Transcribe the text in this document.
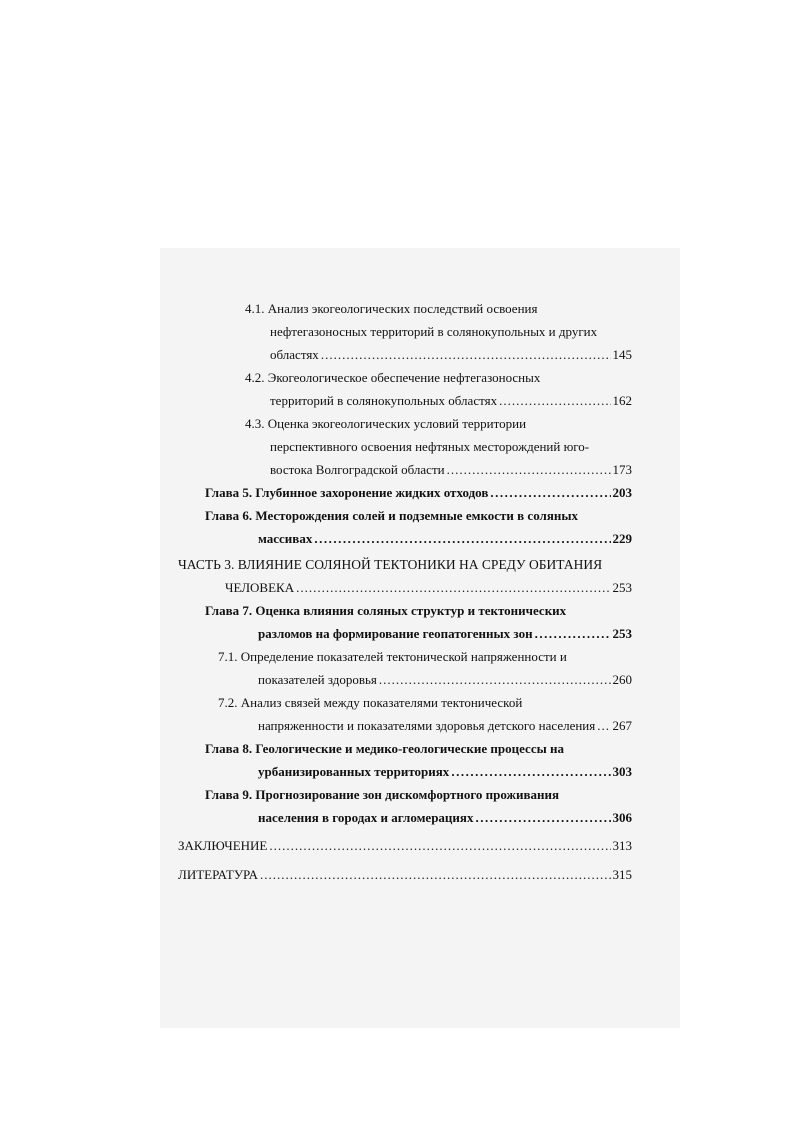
4.1. Анализ экогеологических последствий освоения
нефтегазоносных территорий в солянокупольных и других
областях .....	145
4.2. Экогеологическое обеспечение нефтегазоносных
территорий в солянокупольных областях .....	162
4.3. Оценка экогеологических условий территории
перспективного освоения нефтяных месторождений юго-
востока Волгоградской области .....	173
Глава 5. Глубинное захоронение жидких отходов .....	203
Глава 6. Месторождения солей и подземные емкости в соляных
массивах .....	229
ЧАСТЬ 3. ВЛИЯНИЕ СОЛЯНОЙ ТЕКТОНИКИ НА СРЕДУ ОБИТАНИЯ
ЧЕЛОВЕКА .....	253
Глава 7. Оценка влияния соляных структур и тектонических
разломов на формирование геопатогенных зон .....	253
7.1. Определение показателей тектонической напряженности и
показателей здоровья .....	260
7.2. Анализ связей между показателями тектонической
напряженности и показателями здоровья детского населения ..... 267
Глава 8. Геологические и медико-геологические процессы на
урбанизированных территориях .....	303
Глава 9. Прогнозирование зон дискомфортного проживания
населения в городах и агломерациях .....	306
ЗАКЛЮЧЕНИЕ .....	313
ЛИТЕРАТУРА .....	315
